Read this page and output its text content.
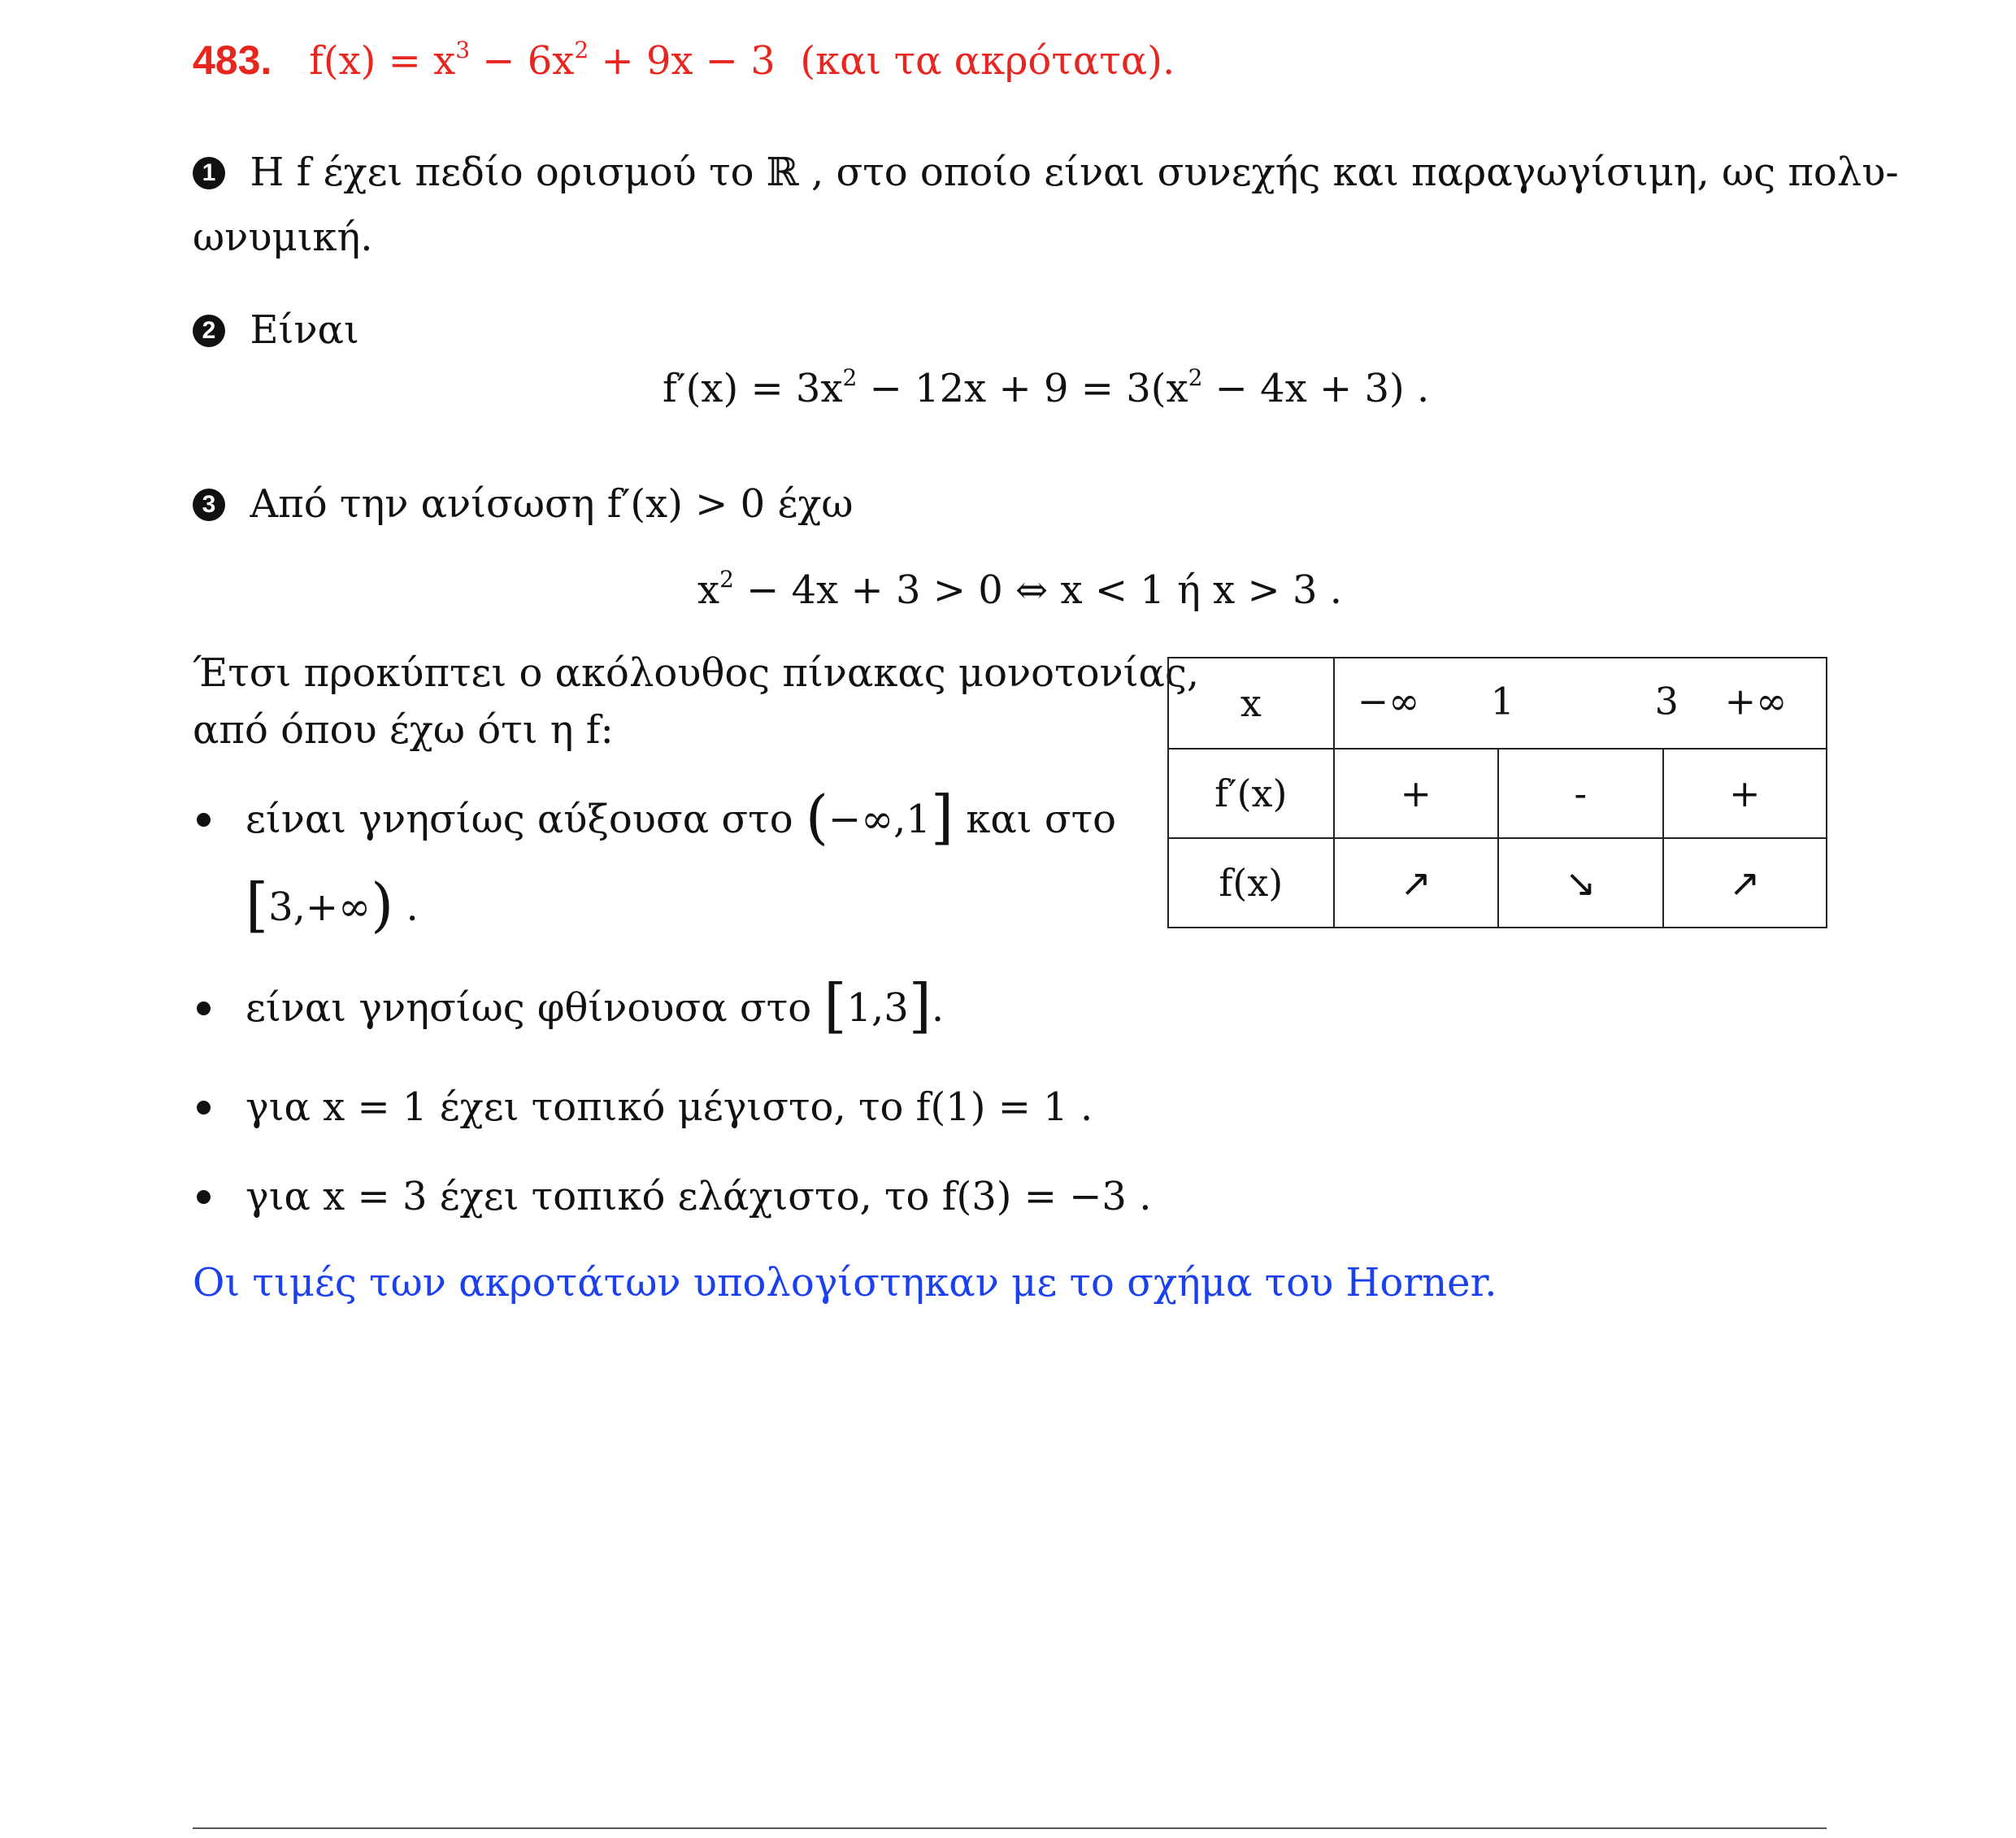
483. $f(x) = x^3 - 6x^2 + 9x - 3$ (και τα ακρότατα).
1 Η f έχει πεδίο ορισμού το ℝ , στο οποίο είναι συνεχής και παραγωγίσιμη, ως πολυ-
ωνυμική.
2 Είναι
$f'(x) = 3x^2 - 12x + 9 = 3(x^2 - 4x + 3)$ .
3 Από την ανίσωση f′(x) > 0 έχω
$x^2 - 4x + 3 > 0$ ⇔ x < 1 ή x > 3 .
Έτσι προκύπτει ο ακόλουθος πίνακας μονοτονίας,
από όπου έχω ότι η f:
είναι γνησίως αύξουσα στο (−∞,1] και στο
[3,+∞) .
είναι γνησίως φθίνουσα στο [1,3].
για x = 1 έχει τοπικό μέγιστο, το f(1) = 1 .
για x = 3 έχει τοπικό ελάχιστο, το f(3) = −3 .
Οι τιμές των ακροτάτων υπολογίστηκαν με το σχήμα του Horner.
x	−∞ 1 3 +∞		

f′(x)	+	-	+
f(x)	↗	↘	↗
